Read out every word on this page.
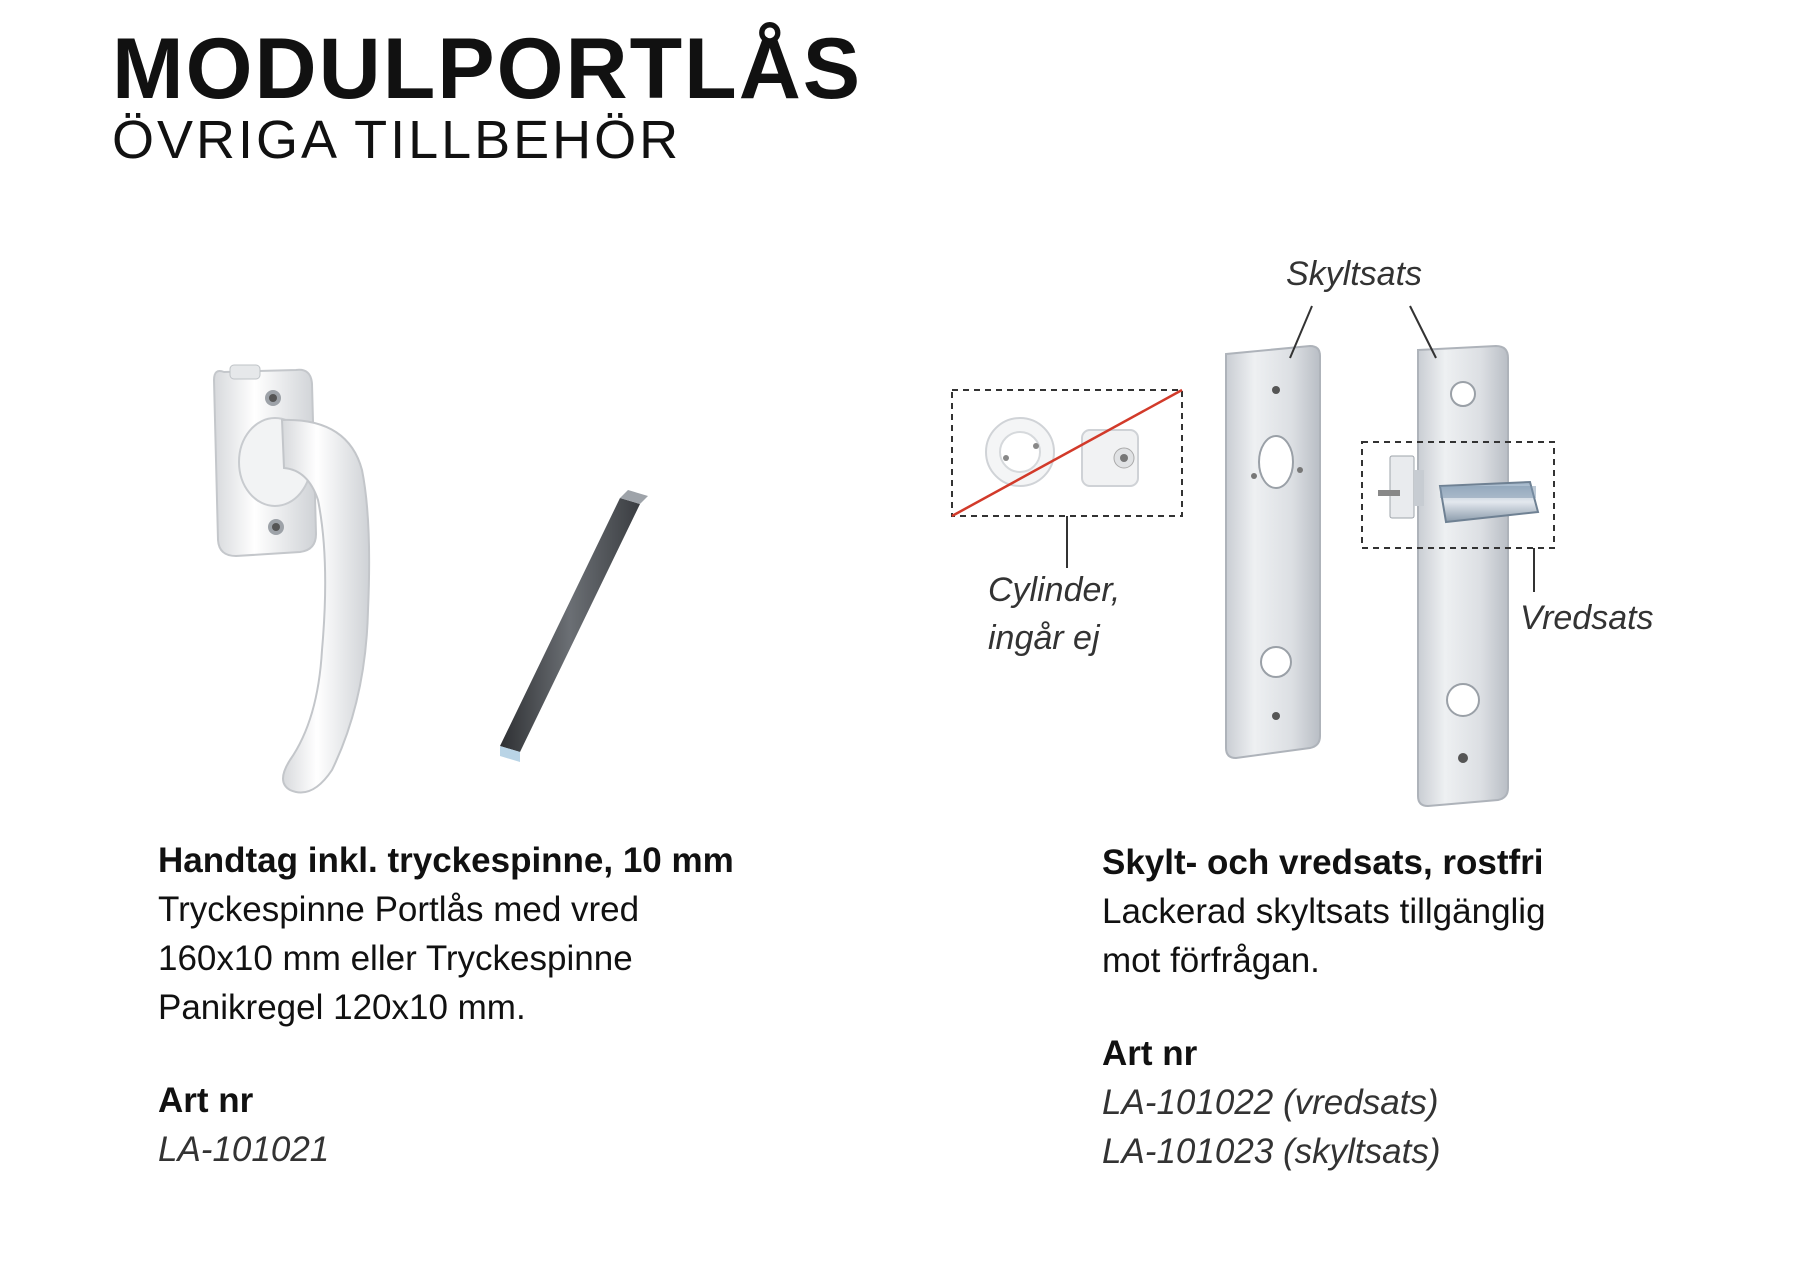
MODULPORTLÅS
ÖVRIGA TILLBEHÖR
Skyltsats
Cylinder,
ingår ej
Vredsats
Handtag inkl. tryckespinne, 10 mm
Tryckespinne Portlås med vred
160x10 mm eller Tryckespinne
Panikregel 120x10 mm.
Art nr
LA-101021
Skylt- och vredsats, rostfri
Lackerad skyltsats tillgänglig
mot förfrågan.
Art nr
LA-101022 (vredsats)
LA-101023 (skyltsats)
